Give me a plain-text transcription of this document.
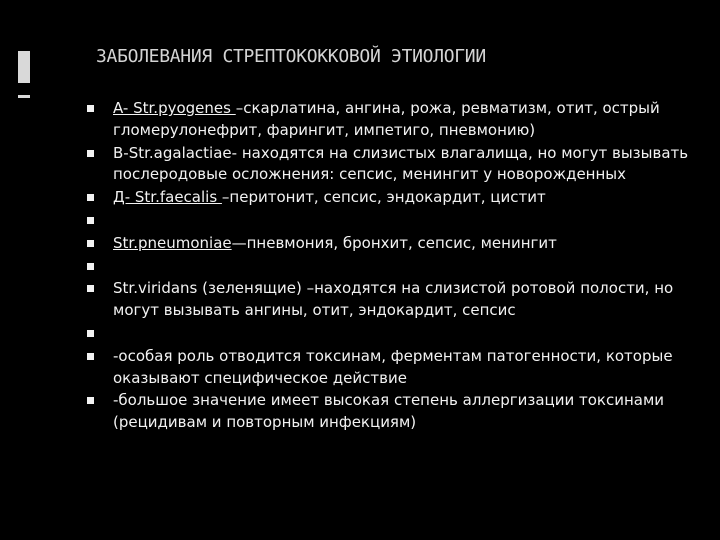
ЗАБОЛЕВАНИЯ СТРЕПТОКОККОВОЙ ЭТИОЛОГИИ
A- Str.pyogenes –скарлатина, ангина, рожа, ревматизм, отит, острый гломерулонефрит, фарингит, импетиго, пневмонию)
B-Str.agalactiae- находятся на слизистых влагалища, но могут вызывать послеродовые осложнения: сепсис, менингит у новорожденных
Д- Str.faecalis –перитонит, сепсис, эндокардит, цистит
Str.pneumoniae—пневмония, бронхит, сепсис, менингит
Str.viridans (зеленящие) –находятся на слизистой ротовой полости, но могут вызывать ангины, отит, эндокардит, сепсис
-особая роль отводится токсинам, ферментам патогенности, которые оказывают специфическое действие
-большое значение имеет высокая степень аллергизации токсинами (рецидивам и повторным инфекциям)
